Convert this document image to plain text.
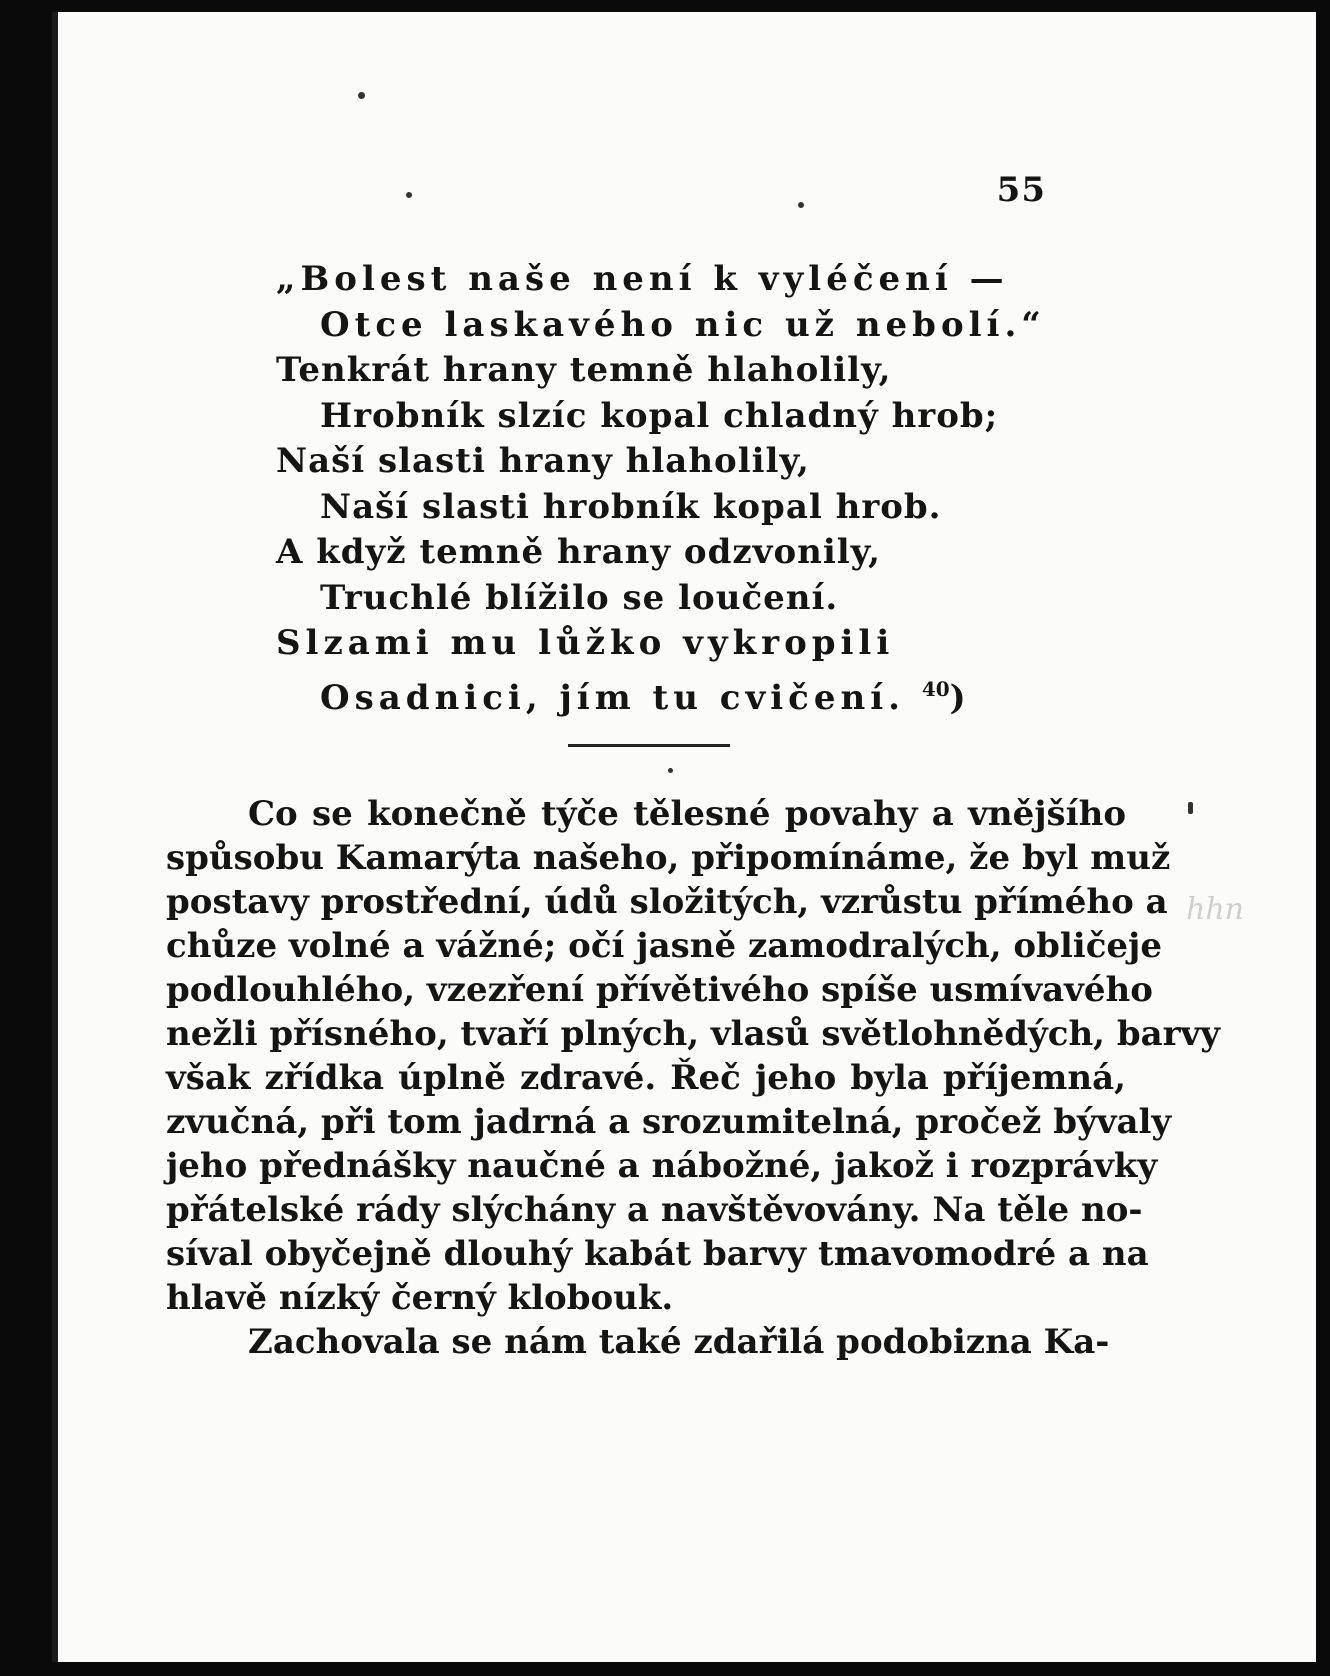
55
„Bolest naše není k vyléčení —
Otce laskavého nic už nebolí.“
Tenkrát hrany temně hlaholily,
Hrobník slzíc kopal chladný hrob;
Naší slasti hrany hlaholily,
Naší slasti hrobník kopal hrob.
A když temně hrany odzvonily,
Truchlé blížilo se loučení.
Slzami mu lůžko vykropili
Osadnici, jím tu cvičení. $^{40}$)

Co se konečně týče tělesné povahy a vnějšího

spůsobu Kamarýta našeho, připomínáme, že byl muž

postavy prostřední, údů složitých, vzrůstu přímého a

chůze volné a vážné; očí jasně zamodralých, obličeje

podlouhlého, vzezření přívětivého spíše usmívavého

nežli přísného, tvaří plných, vlasů světlohnědých, barvy

však zřídka úplně zdravé. Řeč jeho byla příjemná,

zvučná, při tom jadrná a srozumitelná, pročež bývaly

jeho přednášky naučné a nábožné, jakož i rozprávky

přátelské rády slýchány a navštěvovány. Na těle no-

síval obyčejně dlouhý kabát barvy tmavomodré a na

hlavě nízký černý klobouk.

Zachovala se nám také zdařilá podobizna Ka-

hhn
